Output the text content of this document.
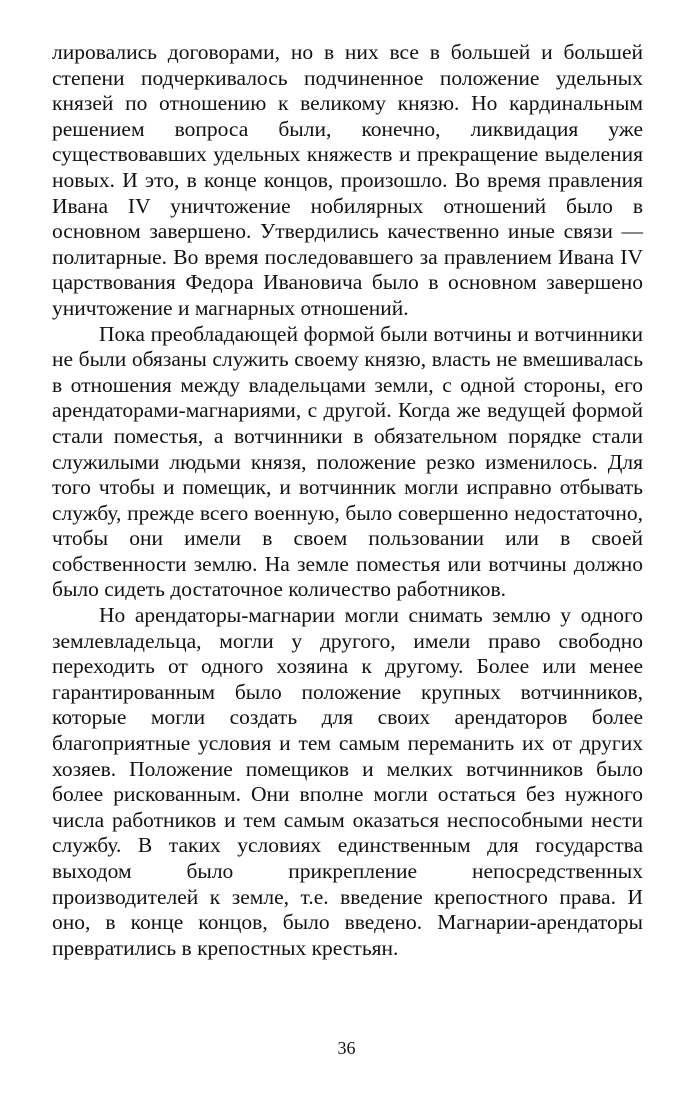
лировались договорами, но в них все в большей и большей степени подчеркивалось подчиненное положение удельных князей по отношению к великому князю. Но кардинальным решением вопроса были, конечно, ликвидация уже существовавших удельных княжеств и прекращение выделения новых. И это, в конце концов, произошло. Во время правления Ивана IV уничтожение нобилярных отношений было в основном завершено. Утвердились качественно иные связи — политарные. Во время последовавшего за правлением Ивана IV царствования Федора Ивановича было в основном завершено уничтожение и магнарных отношений.

Пока преобладающей формой были вотчины и вотчинники не были обязаны служить своему князю, власть не вмешивалась в отношения между владельцами земли, с одной стороны, его арендаторами-магнариями, с другой. Когда же ведущей формой стали поместья, а вотчинники в обязательном порядке стали служилыми людьми князя, положение резко изменилось. Для того чтобы и помещик, и вотчинник могли исправно отбывать службу, прежде всего военную, было совершенно недостаточно, чтобы они имели в своем пользовании или в своей собственности землю. На земле поместья или вотчины должно было сидеть достаточное количество работников.

Но арендаторы-магнарии могли снимать землю у одного землевладельца, могли у другого, имели право свободно переходить от одного хозяина к другому. Более или менее гарантированным было положение крупных вотчинников, которые могли создать для своих арендаторов более благоприятные условия и тем самым переманить их от других хозяев. Положение помещиков и мелких вотчинников было более рискованным. Они вполне могли остаться без нужного числа работников и тем самым оказаться неспособными нести службу. В таких условиях единственным для государства выходом было прикрепление непосредственных производителей к земле, т.е. введение крепостного права. И оно, в конце концов, было введено. Магнарии-арендаторы превратились в крепостных крестьян.

36
